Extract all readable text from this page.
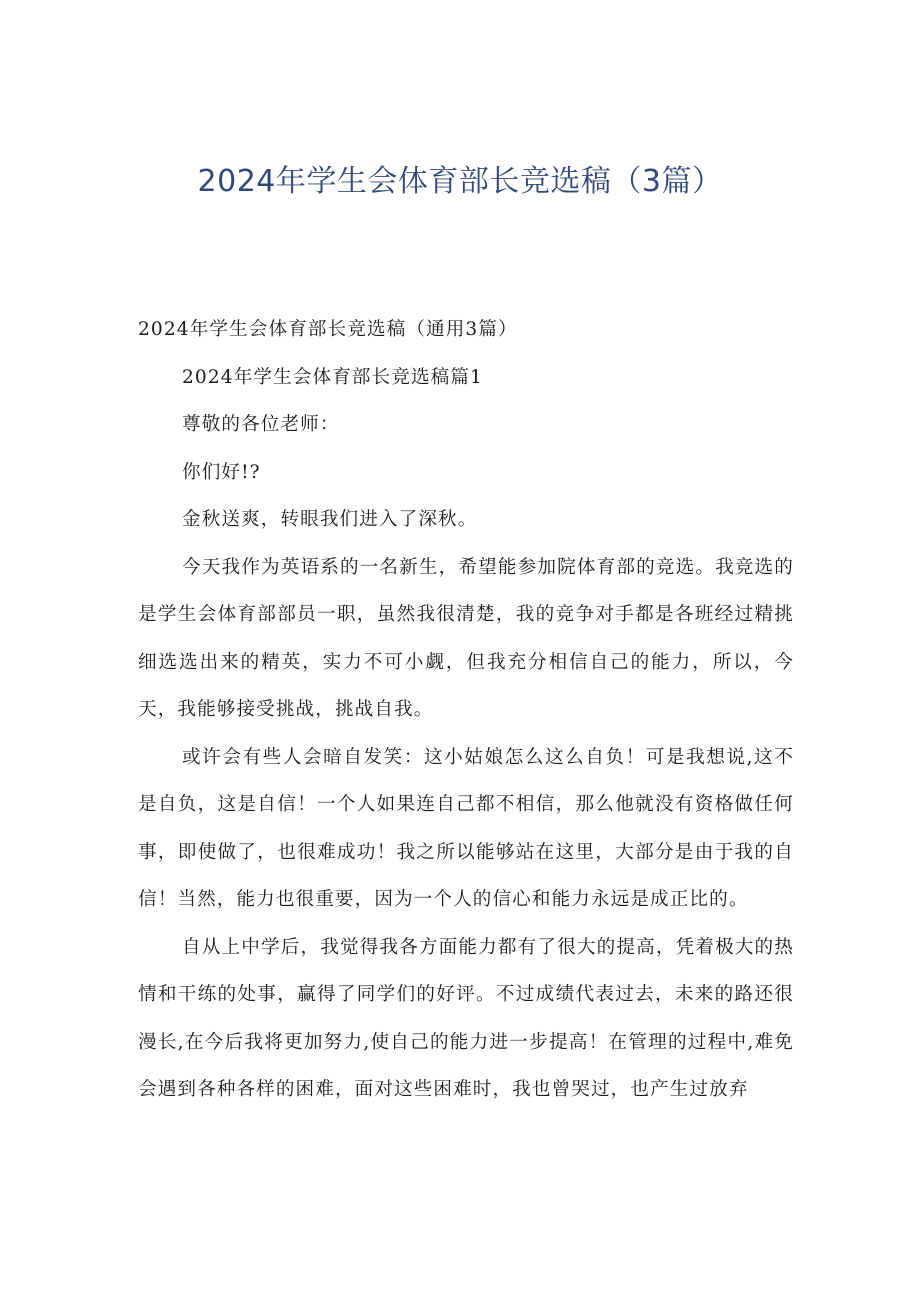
2024年学生会体育部长竞选稿（3篇）

2024年学生会体育部长竞选稿（通用3篇）

2024年学生会体育部长竞选稿篇1

尊敬的各位老师：

你们好!?

金秋送爽，转眼我们进入了深秋。

今天我作为英语系的一名新生，希望能参加院体育部的竞选。我竞选的是学生会体育部部员一职，虽然我很清楚，我的竞争对手都是各班经过精挑细选选出来的精英，实力不可小觑，但我充分相信自己的能力，所以，今天，我能够接受挑战，挑战自我。

或许会有些人会暗自发笑：这小姑娘怎么这么自负！可是我想说,这不是自负，这是自信！一个人如果连自己都不相信，那么他就没有资格做任何事，即使做了，也很难成功！我之所以能够站在这里，大部分是由于我的自信！当然，能力也很重要，因为一个人的信心和能力永远是成正比的。

自从上中学后，我觉得我各方面能力都有了很大的提高，凭着极大的热情和干练的处事，赢得了同学们的好评。不过成绩代表过去，未来的路还很漫长,在今后我将更加努力,使自己的能力进一步提高！在管理的过程中,难免会遇到各种各样的困难，面对这些困难时，我也曾哭过，也产生过放弃
